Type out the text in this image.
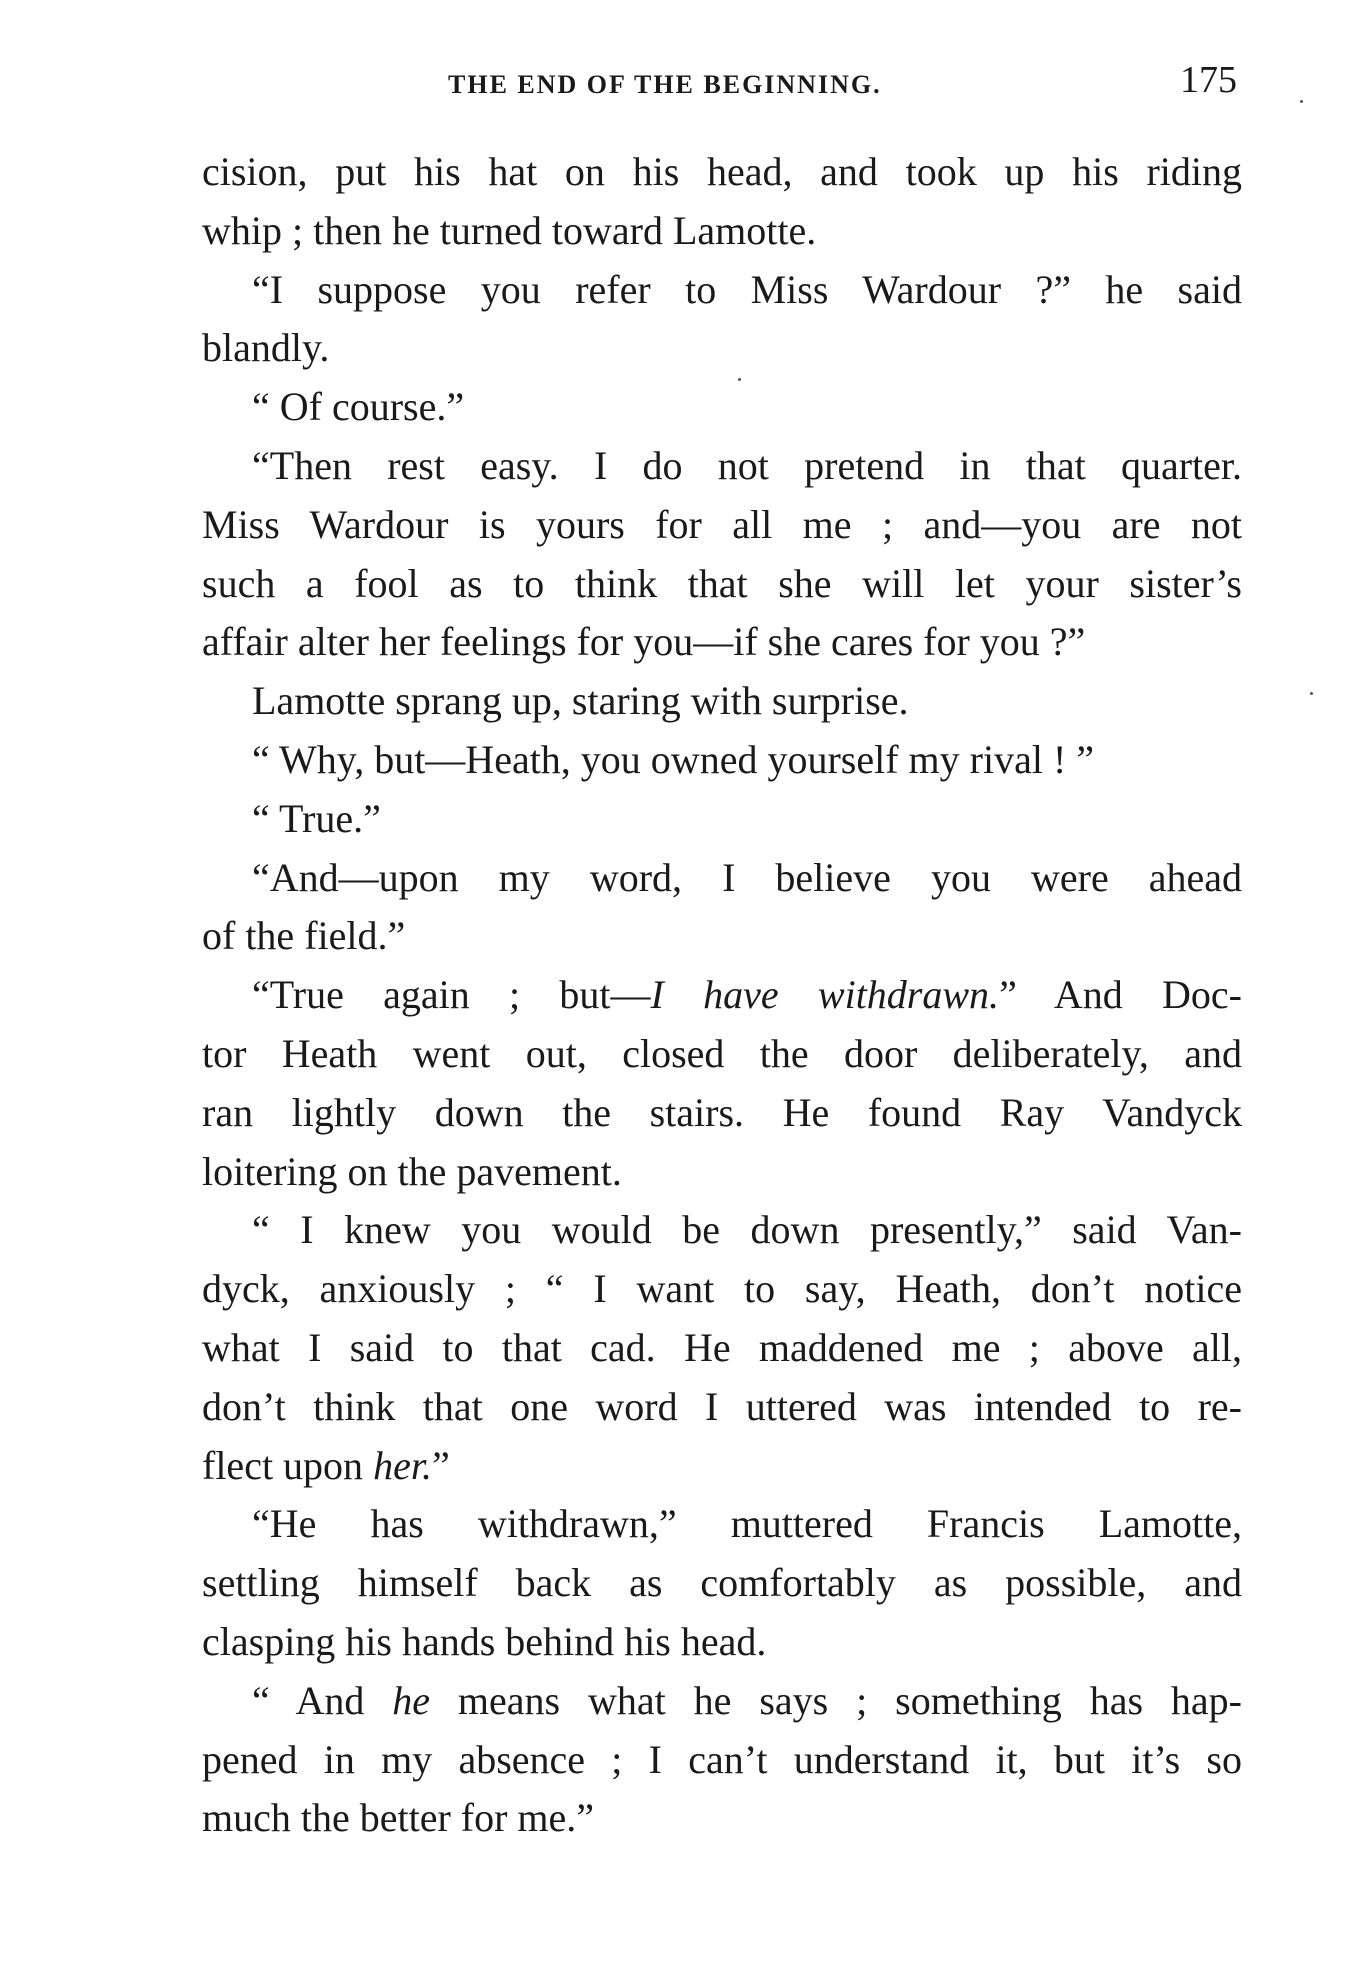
THE END OF THE BEGINNING.	175
cision, put his hat on his head, and took up his riding
whip ; then he turned toward Lamotte.
“I suppose you refer to Miss Wardour ?” he said
blandly.
“ Of course.”
“Then rest easy. I do not pretend in that quarter.
Miss Wardour is yours for all me ; and—you are not
such a fool as to think that she will let your sister’s
affair alter her feelings for you—if she cares for you ?”
Lamotte sprang up, staring with surprise.
“ Why, but—Heath, you owned yourself my rival ! ”
“ True.”
“And—upon my word, I believe you were ahead
of the field.”
“True again ; but—I have withdrawn.” And Doc-
tor Heath went out, closed the door deliberately, and
ran lightly down the stairs. He found Ray Vandyck
loitering on the pavement.
“ I knew you would be down presently,” said Van-
dyck, anxiously ; “ I want to say, Heath, don’t notice
what I said to that cad. He maddened me ; above all,
don’t think that one word I uttered was intended to re-
flect upon her.”
“He has withdrawn,” muttered Francis Lamotte,
settling himself back as comfortably as possible, and
clasping his hands behind his head.
“ And he means what he says ; something has hap-
pened in my absence ; I can’t understand it, but it’s so
much the better for me.”
